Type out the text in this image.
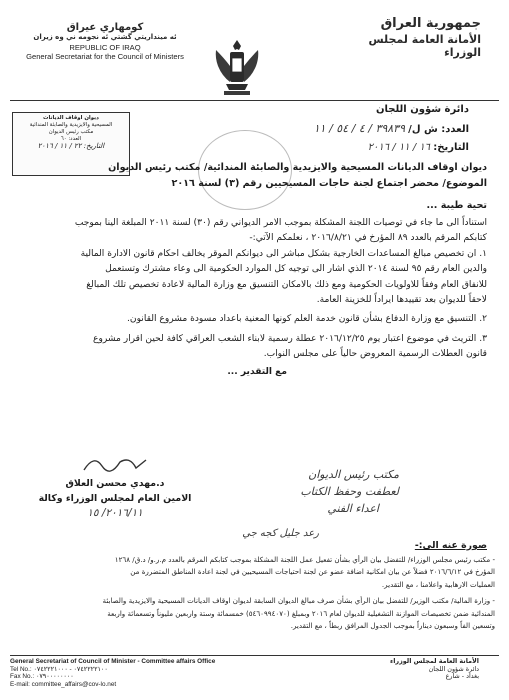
جمهورية العراق
الأمانة العامة لمجلس الوزراء
كومهاري عيراق
ئه مينداريتي گشتي ئه نجومه ني وه زيران
REPUBLIC OF IRAQ
General Secretariat for the Council of Ministers
دائرة شؤون اللجان
العدد: ش ل/ ٣٩٨٣٩ / ٤ / ٥٤ / ١١
التاريخ: ١٦ / ١١ / ٢٠١٦
ديوان اوقاف الديانات
المسيحية والايزيدية والصابئة المندائية
مكتب رئيس الديوان
العدد: ٦٠
التاريخ: ٢٢ / ١١ / ٢٠١٦
ديوان اوقاف الديانات المسيحية والايزيدية والصابئة المندائية/ مكتب رئيس الديوان
الموضوع/ محضر اجتماع لجنة حاجات المسيحيين رقم (٣) لسنة ٢٠١٦
تحية طيبة ...
استناداً الى ما جاء في توصيات اللجنة المشكلة بموجب الامر الديواني رقم (٣٠) لسنة ٢٠١١ المبلغة الينا بموجب
كتابكم المرقم بالعدد ٨٩ المؤرخ في ٢٠١٦/٨/٢١ ، نعلمكم الآتي:-
١. ان تخصيص مبالغ المساعدات الخارجية بشكل مباشر الى ديوانكم الموقر يخالف احكام قانون الادارة المالية
والدين العام رقم ٩٥ لسنة ٢٠١٤ الذي اشار الى توجيه كل الموارد الحكومية الى وعاء مشترك وتستعمل
للانفاق العام وفقاً للاولويات الحكومية ومع ذلك بالامكان التنسيق مع وزارة المالية لاعادة تخصيص تلك المبالغ
لاحقاً للديوان بعد تقييدها ايراداً للخزينة العامة.
٢. التنسيق مع وزارة الدفاع بشأن قانون خدمة العلم كونها المعنية باعداد مسودة مشروع القانون.
٣. التريث في موضوع اعتبار يوم ٢٠١٦/١٢/٢٥ عطلة رسمية لابناء الشعب العراقي كافة لحين اقرار مشروع
قانون العطلات الرسمية المعروض حالياً على مجلس النواب.
مع التقدير ...
د.مهدي محسن العلاق
الامين العام لمجلس الوزراء وكالة
٢٠١٦/١١/ ١٥
مكتب رئيس الديوان
لعطفت وحفظ الكتاب
اعداء الفني
رعد جليل كجه جي
صورة عنه الى:-
- مكتب رئيس مجلس الوزراء/ للتفضل بيان الرأي بشأن تفعيل عمل اللجنة المشكلة بموجب كتابكم المرقم بالعدد م.ر.و/ د.ق/ ١٢٦٨
المؤرخ في ٢٠١٦/٦/١٢ فضلاً عن بيان امكانية اضافة عضو عن لجنة احتياجات المسيحيين في لجنة اعادة المناطق المتضررة من
العمليات الارهابية واعلامنا ، مع التقدير.
- وزارة المالية/ مكتب الوزير/ للتفضل بيان الرأي بشأن صرف مبالغ الديوان السابقة لديوان اوقاف الديانات المسيحية والايزيدية والصابئة
المندائية ضمن تخصيصات الموازنة التشغيلية للديوان لعام ٢٠١٦ وبمبلغ (٥٤٦٠٩٩٤٠٧٠) خمسمائة وستة واربعين مليوناً وتسعمائة واربعة
وتسعين الفاً وسبعون ديناراً بموجب الجدول المرافق ربطاً ، مع التقدير.
General Secretariat of Council of Minister - Committee affairs Office
Tel No.: ٠٧٤٢٢٢٢١٠٠ - ٠٧٤٢٢٢١٠٠٠
Fax No.: ٠٧٩٠٠٠٠٠٠٠٠
E-mail: committee_affairs@cov-lo.net
الأمانة العامة لمجلس الوزراء
دائرة شؤون اللجان
بغداد - شارع
